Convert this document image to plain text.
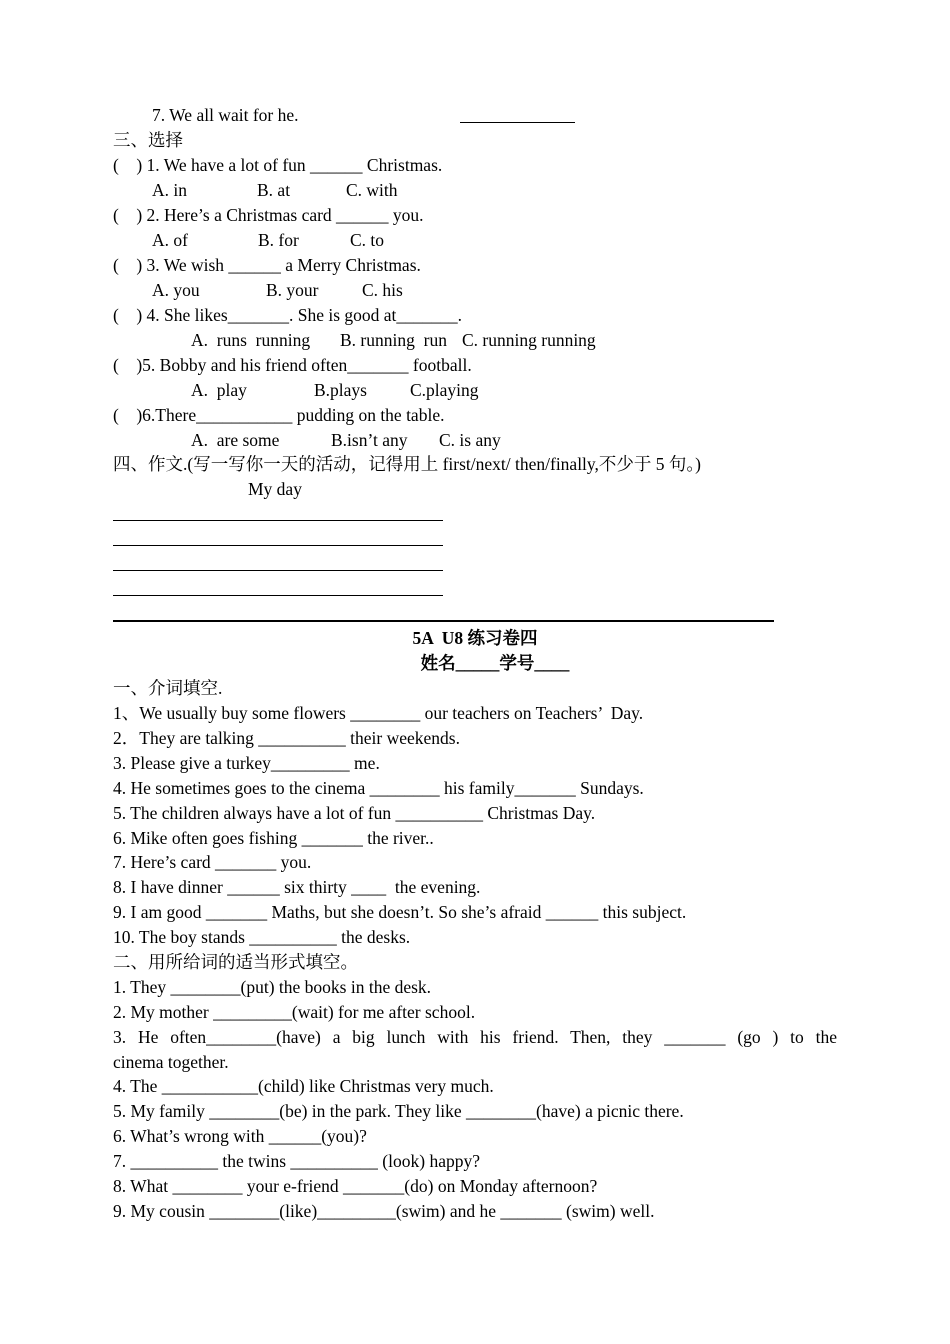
7. We all wait for he.
三、选择
(    ) 1. We have a lot of fun ______ Christmas.
A. in	B. at	C. with
(    ) 2. Here’s a Christmas card ______ you.
A. of	B. for	C. to
(    ) 3. We wish ______ a Merry Christmas.
A. you	B. your C. his
(    ) 4. She likes_______. She is good at_______.
A.  runs  running B. running  run C. running running
(    )5. Bobby and his friend often_______ football.
A.  play	B.plays C.playing
(    )6.There___________ pudding on the table.
A.  are some	B.isn’t any C. is any
四、作文.(写一写你一天的活动，记得用上 first/next/ then/finally,不少于 5 句。)
My day
5A  U8 练习卷四
姓名_____学号____
一、介词填空.
1、We usually buy some flowers ________ our teachers on Teachers’  Day.
2．They are talking __________ their weekends.
3. Please give a turkey_________ me.
4. He sometimes goes to the cinema ________ his family_______ Sundays.
5. The children always have a lot of fun __________ Christmas Day.
6. Mike often goes fishing _______ the river..
7. Here’s card _______ you.
8. I have dinner ______ six thirty ____  the evening.
9. I am good _______ Maths, but she doesn’t. So she’s afraid ______ this subject.
10. The boy stands __________ the desks.
二、用所给词的适当形式填空。
1. They ________(put) the books in the desk.
2. My mother _________(wait) for me after school.
3. He often________(have) a big lunch with his friend. Then, they _______ (go ) to the
cinema together.
4. The ___________(child) like Christmas very much.
5. My family ________(be) in the park. They like ________(have) a picnic there.
6. What’s wrong with ______(you)?
7. __________ the twins __________ (look) happy?
8. What ________ your e-friend _______(do) on Monday afternoon?
9. My cousin ________(like)_________(swim) and he _______ (swim) well.
